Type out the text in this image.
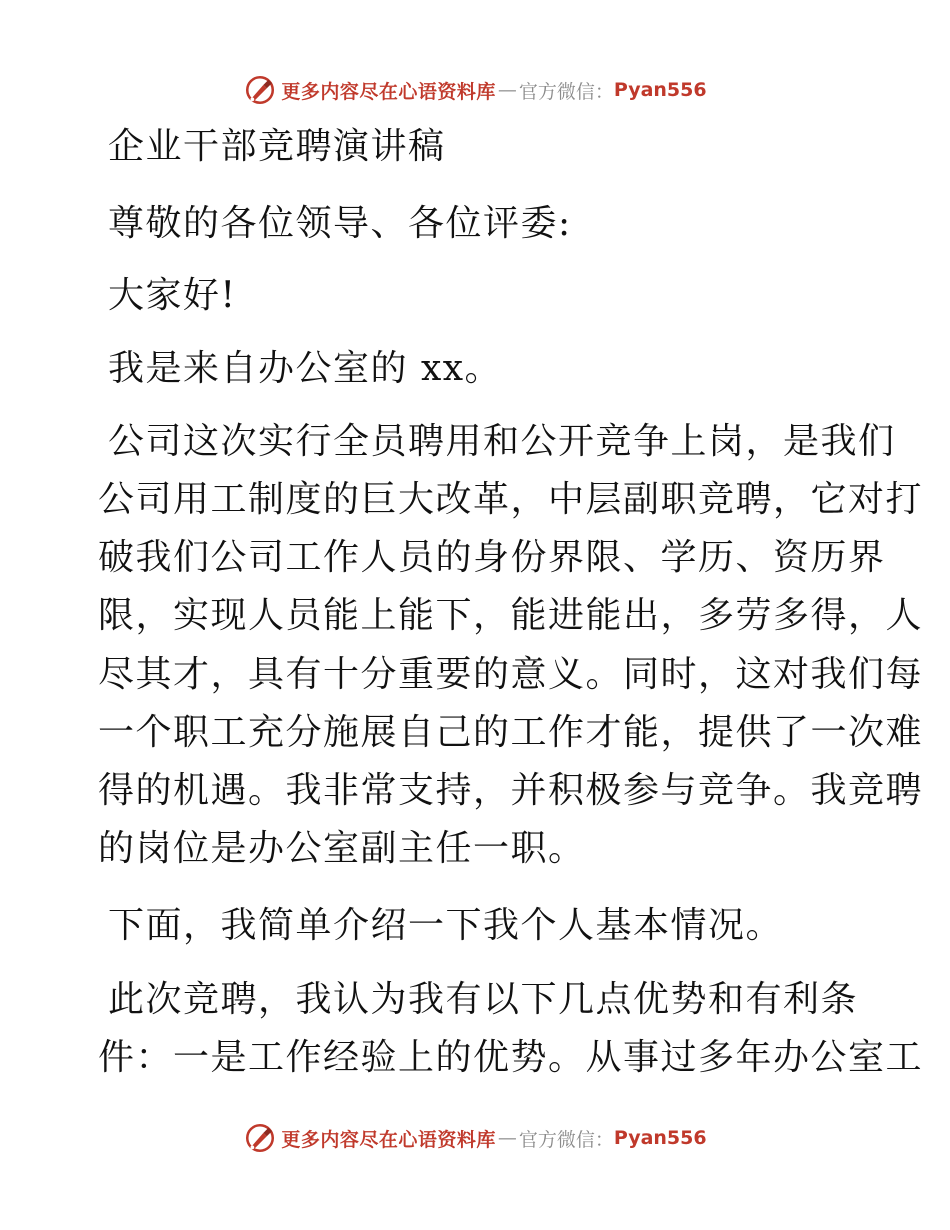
更多内容尽在心语资料库 — 官方微信： Pyan556
企业干部竞聘演讲稿
尊敬的各位领导、各位评委:
大家好!
我是来自办公室的 xx。
公司这次实行全员聘用和公开竞争上岗，是我们
公司用工制度的巨大改革，中层副职竞聘，它对打
破我们公司工作人员的身份界限、学历、资历界
限，实现人员能上能下，能进能出，多劳多得，人
尽其才，具有十分重要的意义。同时，这对我们每
一个职工充分施展自己的工作才能，提供了一次难
得的机遇。我非常支持，并积极参与竞争。我竞聘
的岗位是办公室副主任一职。
下面，我简单介绍一下我个人基本情况。
此次竞聘，我认为我有以下几点优势和有利条
件：一是工作经验上的优势。从事过多年办公室工
更多内容尽在心语资料库 — 官方微信： Pyan556
